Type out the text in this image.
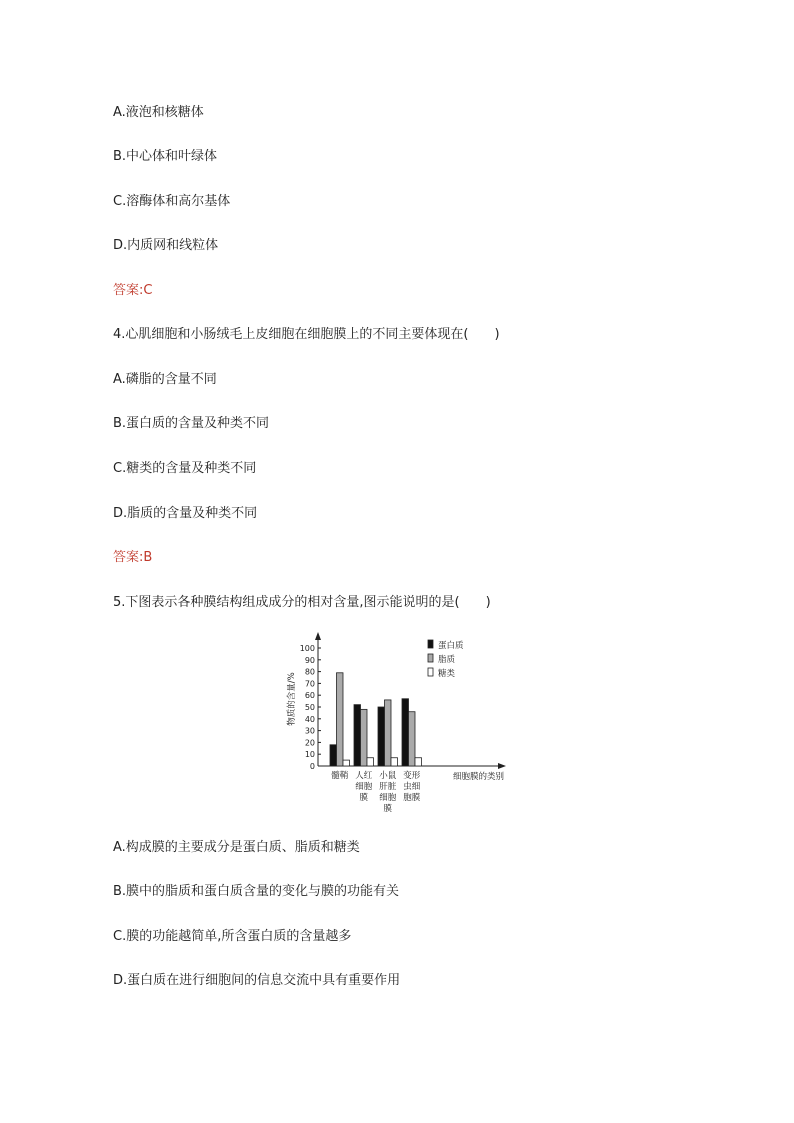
A.液泡和核糖体
B.中心体和叶绿体
C.溶酶体和高尔基体
D.内质网和线粒体
答案:C
4.心肌细胞和小肠绒毛上皮细胞在细胞膜上的不同主要体现在(　　)
A.磷脂的含量不同
B.蛋白质的含量及种类不同
C.糖类的含量及种类不同
D.脂质的含量及种类不同
答案:B
5.下图表示各种膜结构组成成分的相对含量,图示能说明的是(　　)
0
10
20
30
40
50
60
70
80
90
100
物质的含量/%
髓鞘 人红
细胞
膜
小鼠
肝脏
细胞
膜
变形
虫细
胞膜
细胞膜的类别
蛋白质
脂质
糖类
A.构成膜的主要成分是蛋白质、脂质和糖类
B.膜中的脂质和蛋白质含量的变化与膜的功能有关
C.膜的功能越简单,所含蛋白质的含量越多
D.蛋白质在进行细胞间的信息交流中具有重要作用
